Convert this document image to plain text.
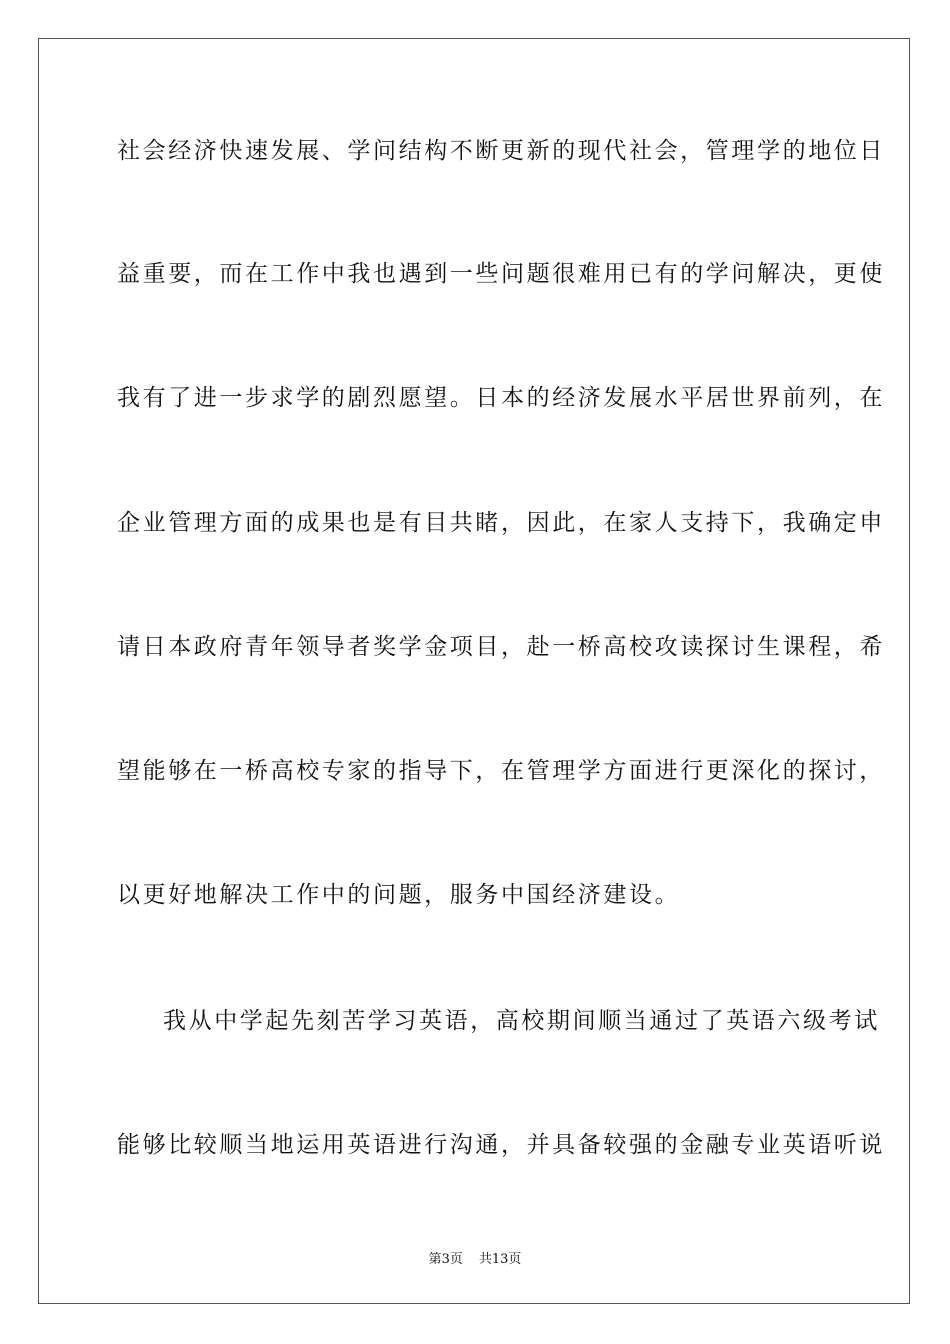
社会经济快速发展、学问结构不断更新的现代社会，管理学的地位日
益重要，而在工作中我也遇到一些问题很难用已有的学问解决，更使
我有了进一步求学的剧烈愿望。日本的经济发展水平居世界前列，在
企业管理方面的成果也是有目共睹，因此，在家人支持下，我确定申
请日本政府青年领导者奖学金项目，赴一桥高校攻读探讨生课程，希
望能够在一桥高校专家的指导下，在管理学方面进行更深化的探讨，
以更好地解决工作中的问题，服务中国经济建设。
我从中学起先刻苦学习英语，高校期间顺当通过了英语六级考试
能够比较顺当地运用英语进行沟通，并具备较强的金融专业英语听说
第3页 共13页
